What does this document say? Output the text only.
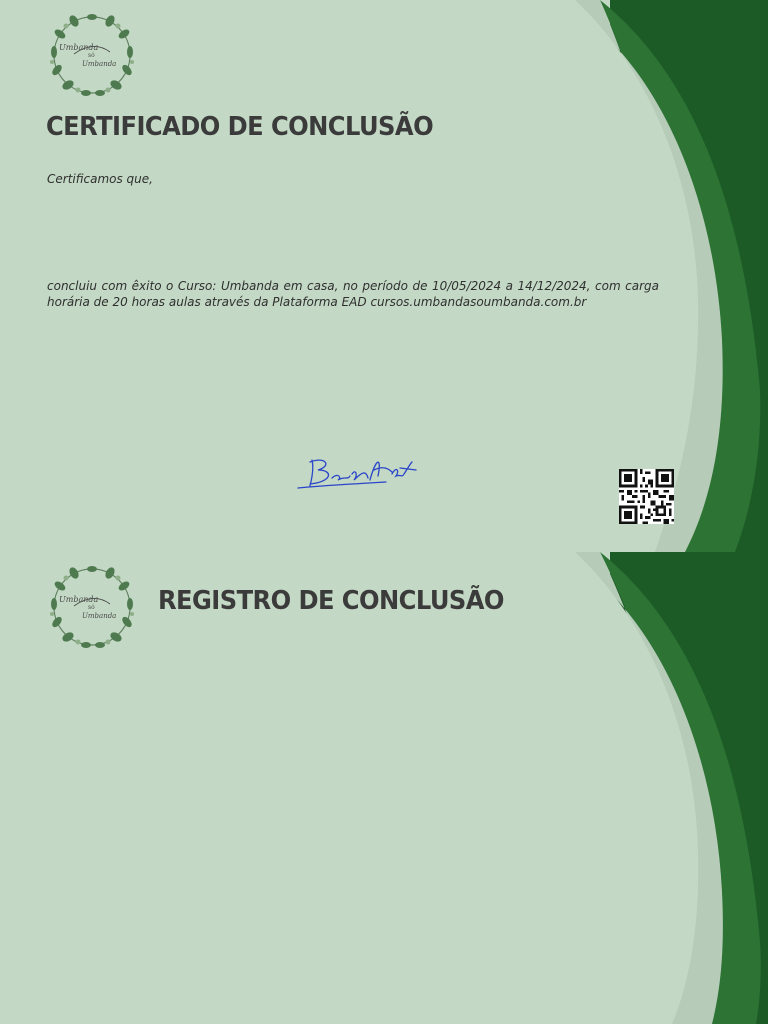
Umbanda
só
Umbanda
CERTIFICADO DE CONCLUSÃO

Certificamos que,

concluiu com êxito o Curso: Umbanda em casa, no período de 10/05/2024 a 14/12/2024, com carga horária de 20 horas aulas através da Plataforma EAD cursos.umbandasoumbanda.com.br

Umbanda
só
Umbanda REGISTRO DE CONCLUSÃO
